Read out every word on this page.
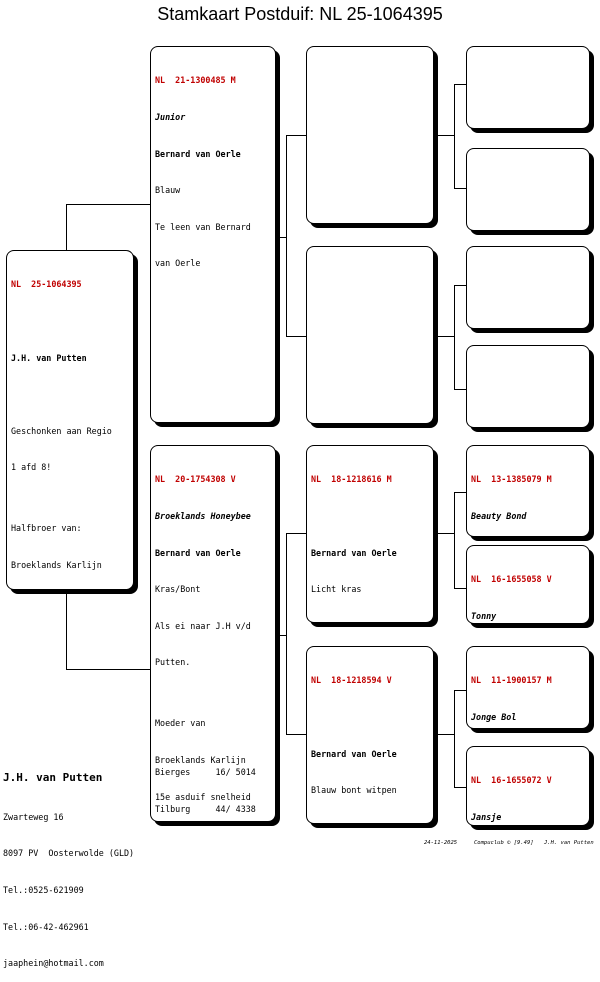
Stamkaart Postduif: NL 25-1064395

NL  25-1064395

J.H. van Putten

Geschonken aan Regio

1 afd 8!

Halfbroer van:

Broeklands Karlijn

NL  21-1300485 M

Junior

Bernard van Oerle

Blauw

Te leen van Bernard

van Oerle

NL  20-1754308 V

Broeklands Honeybee

Bernard van Oerle

Kras/Bont

Als ei naar J.H v/d

Putten.

Moeder van

Broeklands Karlijn

15e asduif snelheid

Bierges     16/ 5014

Tilburg     44/ 4338

NL  18-1218616 M

Bernard van Oerle

Licht kras

NL  18-1218594 V

Bernard van Oerle

Blauw bont witpen

NL  13-1385079 M

Beauty Bond

NL  16-1655058 V

Tonny

NL  11-1900157 M

Jonge Bol

NL  16-1655072 V

Jansje

J.H. van Putten

Zwarteweg 16

8097 PV  Oosterwolde (GLD)

Tel.:0525-621909

Tel.:06-42-462961

jaaphein@hotmail.com

24-11-2025	Compuclub © [9.49] J.H. van Putten
